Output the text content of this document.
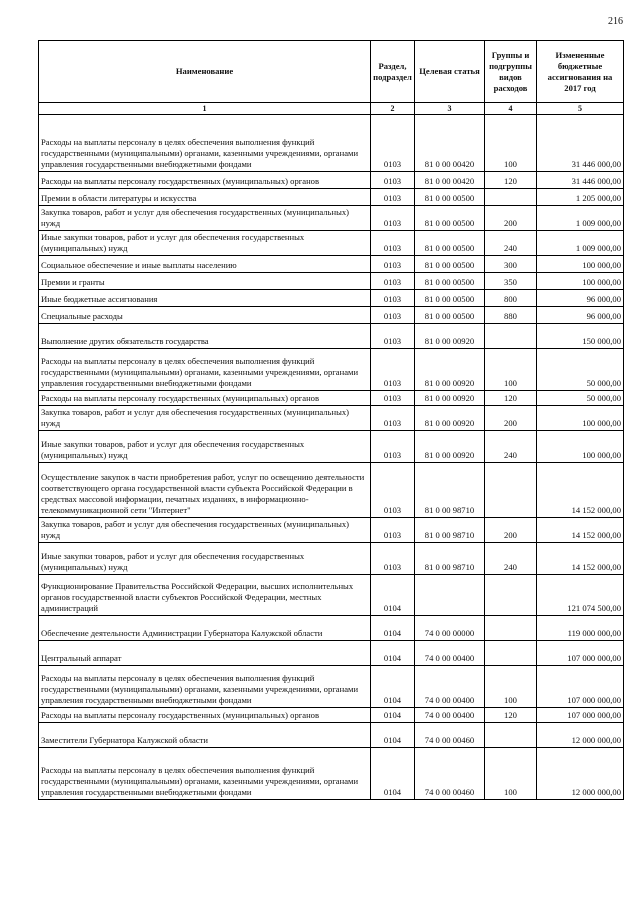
216
Наименование	Раздел, подраздел	Целевая статья	Группы и подгруппы видов расходов	Измененные бюджетные ассигнования на 2017 год
1	2	3	4	5

Расходы на выплаты персоналу в целях обеспечения выполнения функций государственными (муниципальными) органами, казенными учреждениями, органами управления государственными внебюджетными фондами	0103	81 0 00 00420	100	31 446 000,00

Расходы на выплаты персоналу государственных (муниципальных) органов	0103	81 0 00 00420	120	31 446 000,00

Премии в области литературы и искусства	0103	81 0 00 00500		1 205 000,00

Закупка товаров, работ и услуг для обеспечения государственных (муниципальных) нужд	0103	81 0 00 00500	200	1 009 000,00

Иные закупки товаров, работ и услуг для обеспечения государственных (муниципальных) нужд	0103	81 0 00 00500	240	1 009 000,00

Социальное обеспечение и иные выплаты населению	0103	81 0 00 00500	300	100 000,00

Премии и гранты	0103	81 0 00 00500	350	100 000,00

Иные бюджетные ассигнования	0103	81 0 00 00500	800	96 000,00

Специальные расходы	0103	81 0 00 00500	880	96 000,00

Выполнение других обязательств государства	0103	81 0 00 00920		150 000,00

Расходы на выплаты персоналу в целях обеспечения выполнения функций государственными (муниципальными) органами, казенными учреждениями, органами управления государственными внебюджетными фондами	0103	81 0 00 00920	100	50 000,00

Расходы на выплаты персоналу государственных (муниципальных) органов	0103	81 0 00 00920	120	50 000,00

Закупка товаров, работ и услуг для обеспечения государственных (муниципальных) нужд	0103	81 0 00 00920	200	100 000,00

Иные закупки товаров, работ и услуг для обеспечения государственных (муниципальных) нужд	0103	81 0 00 00920	240	100 000,00

Осуществление закупок в части приобретения работ, услуг по освещению деятельности соответствующего органа государственной власти субъекта Российской Федерации в средствах массовой информации, печатных изданиях, в информационно-телекоммуникационной сети "Интернет"	0103	81 0 00 98710		14 152 000,00

Закупка товаров, работ и услуг для обеспечения государственных (муниципальных) нужд	0103	81 0 00 98710	200	14 152 000,00

Иные закупки товаров, работ и услуг для обеспечения государственных (муниципальных) нужд	0103	81 0 00 98710	240	14 152 000,00

Функционирование Правительства Российской Федерации, высших исполнительных органов государственной власти субъектов Российской Федерации, местных администраций	0104			121 074 500,00

Обеспечение деятельности Администрации Губернатора Калужской области	0104	74 0 00 00000		119 000 000,00

Центральный аппарат	0104	74 0 00 00400		107 000 000,00

Расходы на выплаты персоналу в целях обеспечения выполнения функций государственными (муниципальными) органами, казенными учреждениями, органами управления государственными внебюджетными фондами	0104	74 0 00 00400	100	107 000 000,00

Расходы на выплаты персоналу государственных (муниципальных) органов	0104	74 0 00 00400	120	107 000 000,00

Заместители Губернатора Калужской области	0104	74 0 00 00460		12 000 000,00

Расходы на выплаты персоналу в целях обеспечения выполнения функций государственными (муниципальными) органами, казенными учреждениями, органами управления государственными внебюджетными фондами	0104	74 0 00 00460	100	12 000 000,00
